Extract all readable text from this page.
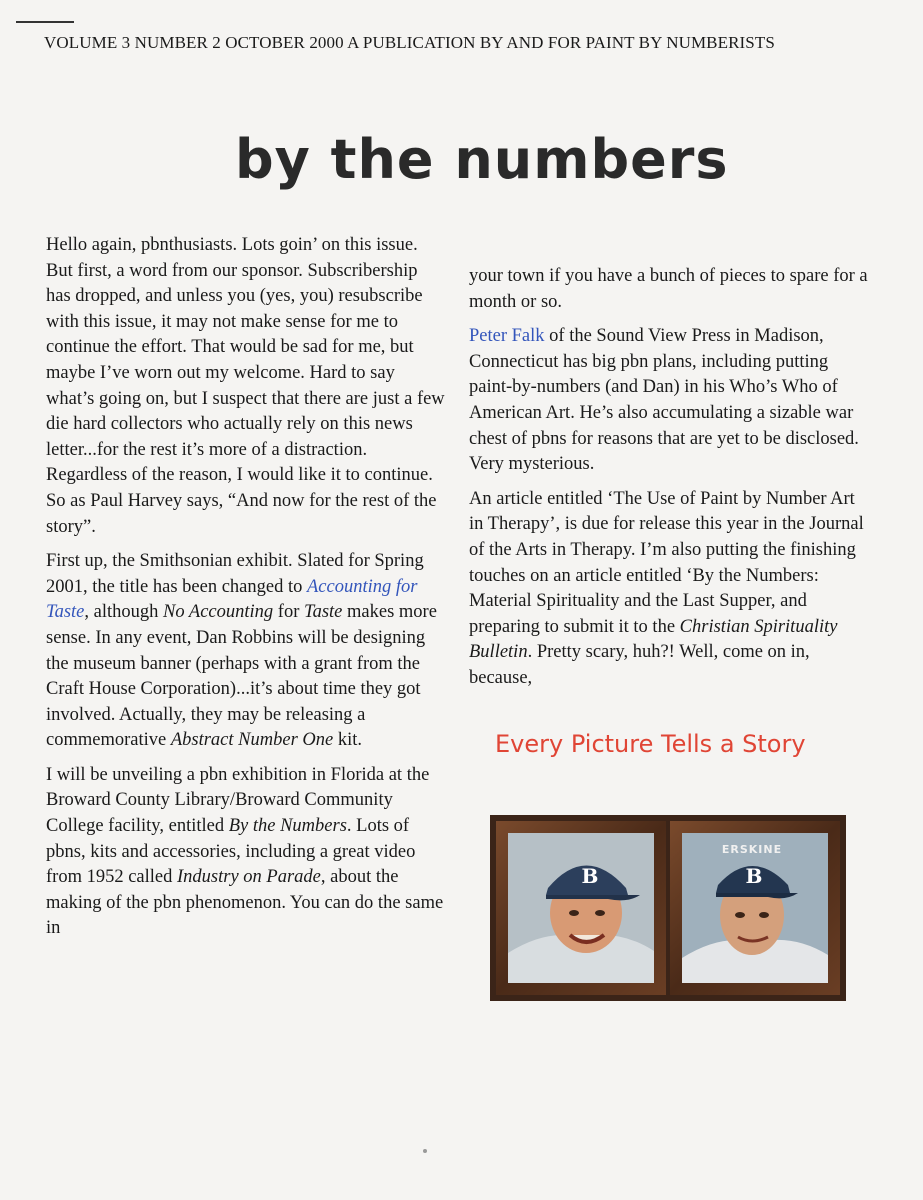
VOLUME 3 NUMBER 2 OCTOBER 2000 A PUBLICATION BY AND FOR PAINT BY NUMBERISTS
by the numbers

Hello again, pbnthusiasts. Lots goin’ on this issue. But first, a word from our sponsor. Subscribership has dropped, and unless you (yes, you) resubscribe with this issue, it may not make sense for me to continue the effort. That would be sad for me, but maybe I’ve worn out my welcome. Hard to say what’s going on, but I suspect that there are just a few die hard collectors who actually rely on this news letter...for the rest it’s more of a distraction. Regardless of the reason, I would like it to continue. So as Paul Harvey says, “And now for the rest of the story”.

First up, the Smithsonian exhibit. Slated for Spring 2001, the title has been changed to Accounting for Taste, although No Accounting for Taste makes more sense. In any event, Dan Robbins will be designing the museum banner (perhaps with a grant from the Craft House Corporation)...it’s about time they got involved. Actually, they may be releasing a commemorative Abstract Number One kit.

I will be unveiling a pbn exhibition in Florida at the Broward County Library/Broward Community College facility, entitled By the Numbers. Lots of pbns, kits and accessories, including a great video from 1952 called Industry on Parade, about the making of the pbn phenomenon. You can do the same in

your town if you have a bunch of pieces to spare for a month or so.

Peter Falk of the Sound View Press in Madison, Connecticut has big pbn plans, including putting paint-by-numbers (and Dan) in his Who’s Who of American Art. He’s also accumulating a sizable war chest of pbns for reasons that are yet to be disclosed. Very mysterious.

An article entitled ‘The Use of Paint by Number Art in Therapy’, is due for release this year in the Journal of the Arts in Therapy. I’m also putting the finishing touches on an article entitled ‘By the Numbers: Material Spirituality and the Last Supper, and preparing to submit it to the Christian Spirituality Bulletin. Pretty scary, huh?! Well, come on in, because,

Every Picture Tells a Story
B
ERSKINE
B
